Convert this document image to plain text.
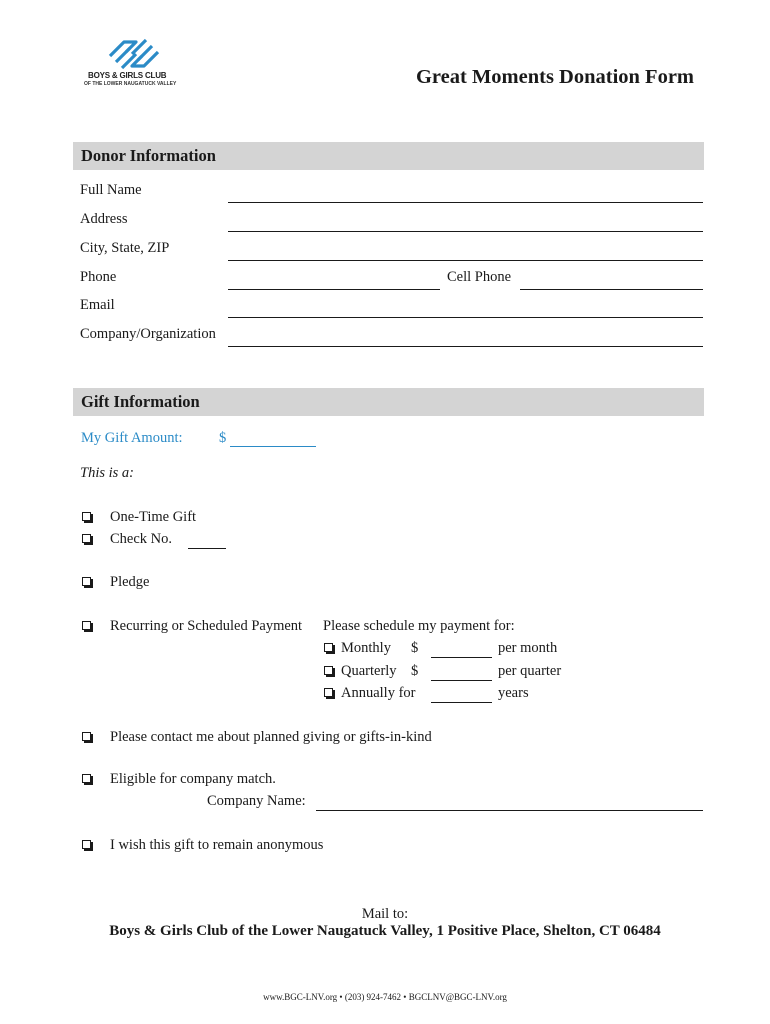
BOYS & GIRLS CLUB
OF THE LOWER NAUGATUCK VALLEY	Great Moments Donation Form
Donor Information
Full Name
Address
City, State, ZIP
Phone	Cell Phone
Email
Company/Organization
Gift Information
My Gift Amount:	$
This is a:
One-Time Gift
Check No.
Pledge
Recurring or Scheduled Payment Please schedule my payment for:
Monthly $	per month
Quarterly $	per quarter
Annually for	years
Please contact me about planned giving or gifts-in-kind
Eligible for company match.
Company Name:
I wish this gift to remain anonymous
Mail to:
Boys & Girls Club of the Lower Naugatuck Valley, 1 Positive Place, Shelton, CT 06484
www.BGC-LNV.org • (203) 924-7462 • BGCLNV@BGC-LNV.org
